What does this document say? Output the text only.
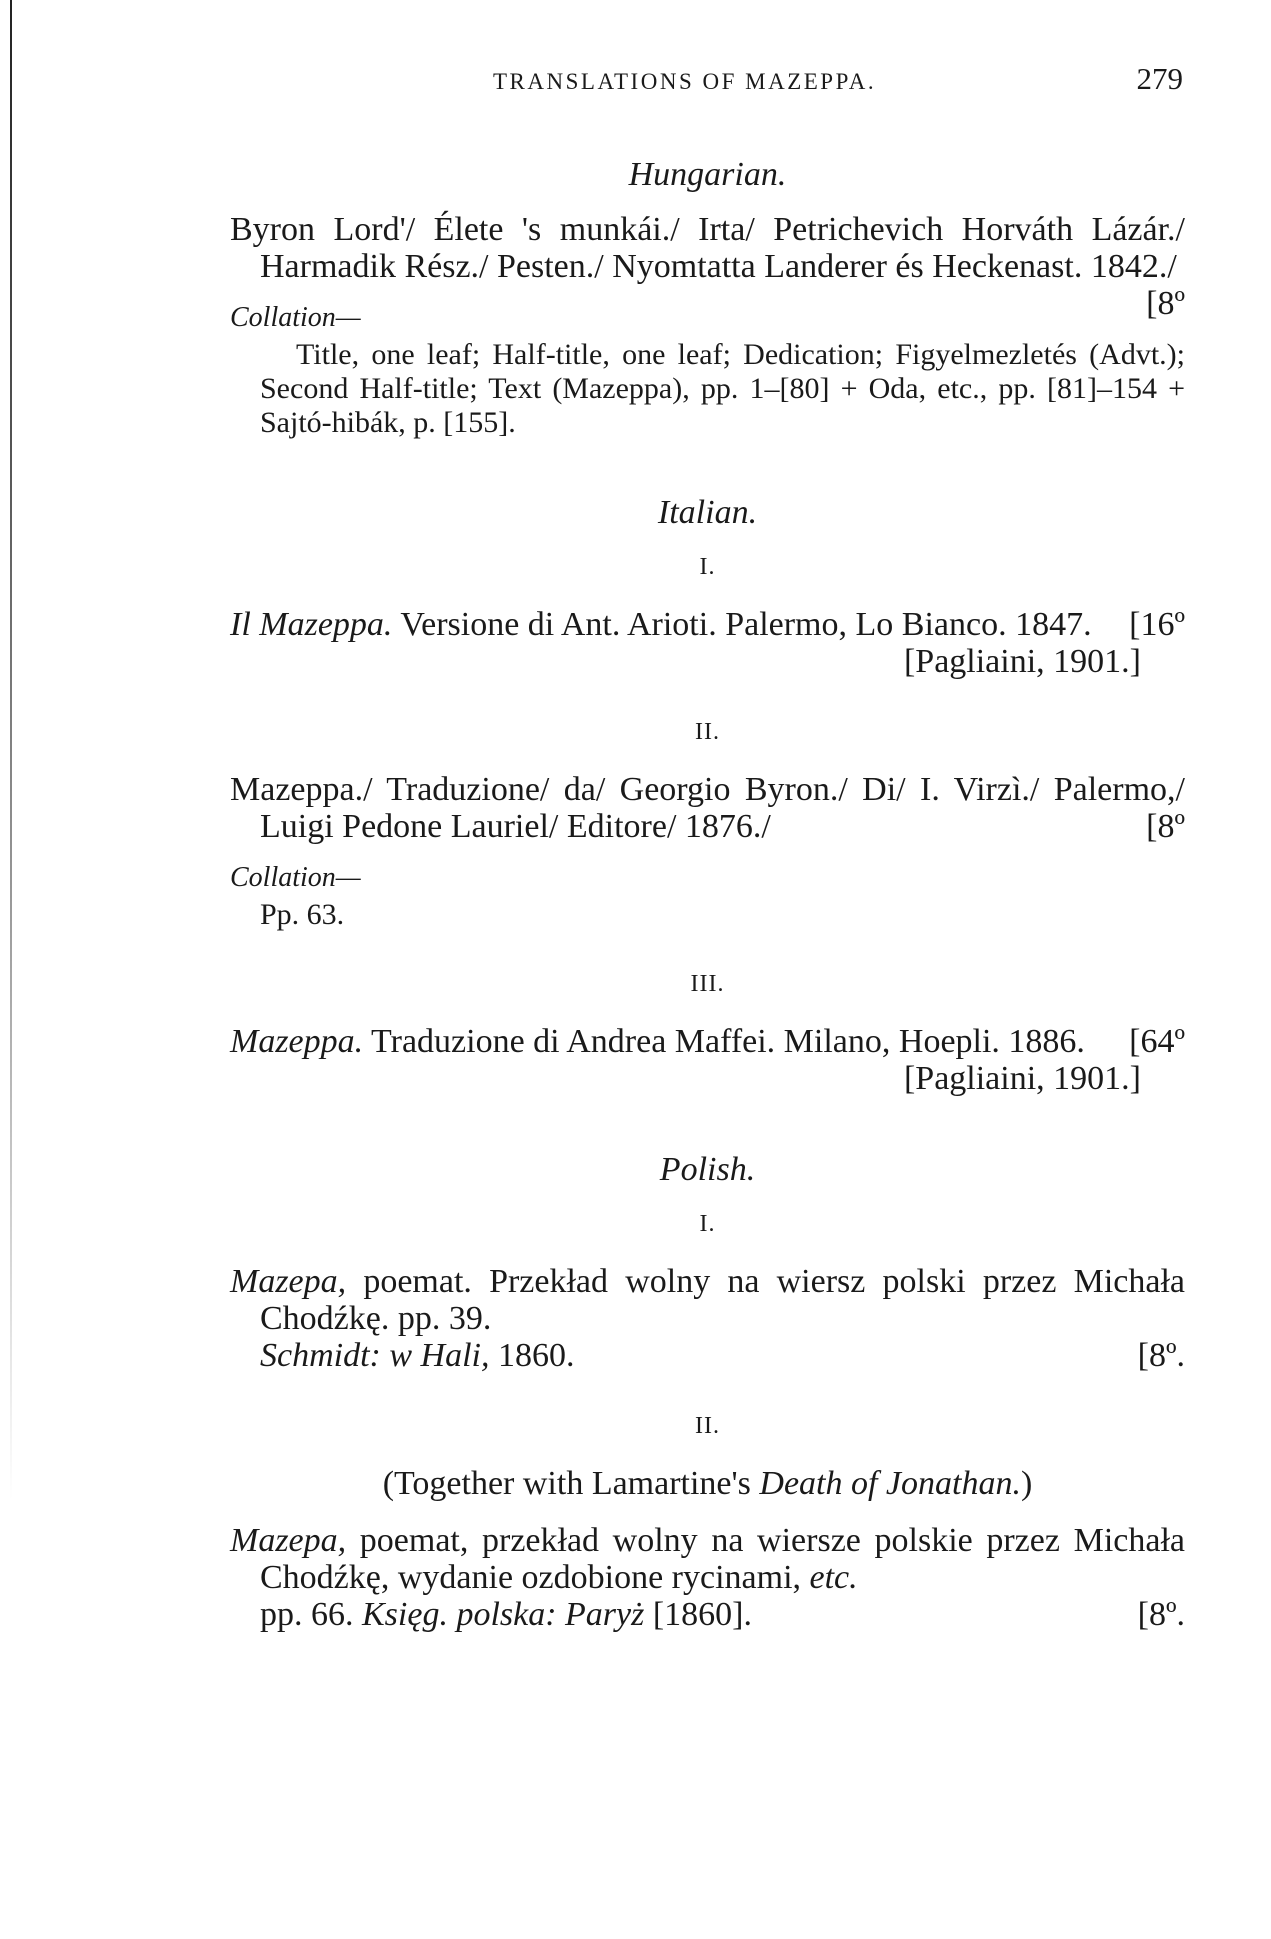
TRANSLATIONS OF MAZEPPA.	279
Hungarian.
Byron Lord'/ Élete 's munkái./ Irta/ Petrichevich Horváth Lázár./ Harmadik Rész./ Pesten./ Nyomtatta Landerer és Heckenast. 1842./
[8º
Collation—
Title, one leaf; Half-title, one leaf; Dedication; Figyelmezletés (Advt.); Second Half-title; Text (Mazeppa), pp. 1–[80] + Oda, etc., pp. [81]–154 + Sajtó-hibák, p. [155].
Italian.
I.
Il Mazeppa. Versione di Ant. Arioti. Palermo, Lo Bianco. 1847. [16º
[Pagliaini, 1901.]
II.
Mazeppa./ Traduzione/ da/ Georgio Byron./ Di/ I. Virzì./ Palermo,/ Luigi Pedone Lauriel/ Editore/ 1876./	[8º
Collation—
Pp. 63.
III.
Mazeppa. Traduzione di Andrea Maffei. Milano, Hoepli. 1886. [64º
[Pagliaini, 1901.]
Polish.
I.
Mazepa, poemat. Przekład wolny na wiersz polski przez Michała Chodźkę. pp. 39.
Schmidt: w Hali, 1860.	[8º.
II.
(Together with Lamartine's Death of Jonathan.)
Mazepa, poemat, przekład wolny na wiersze polskie przez Michała Chodźkę, wydanie ozdobione rycinami, etc.
pp. 66. Księg. polska: Paryż [1860].	[8º.
